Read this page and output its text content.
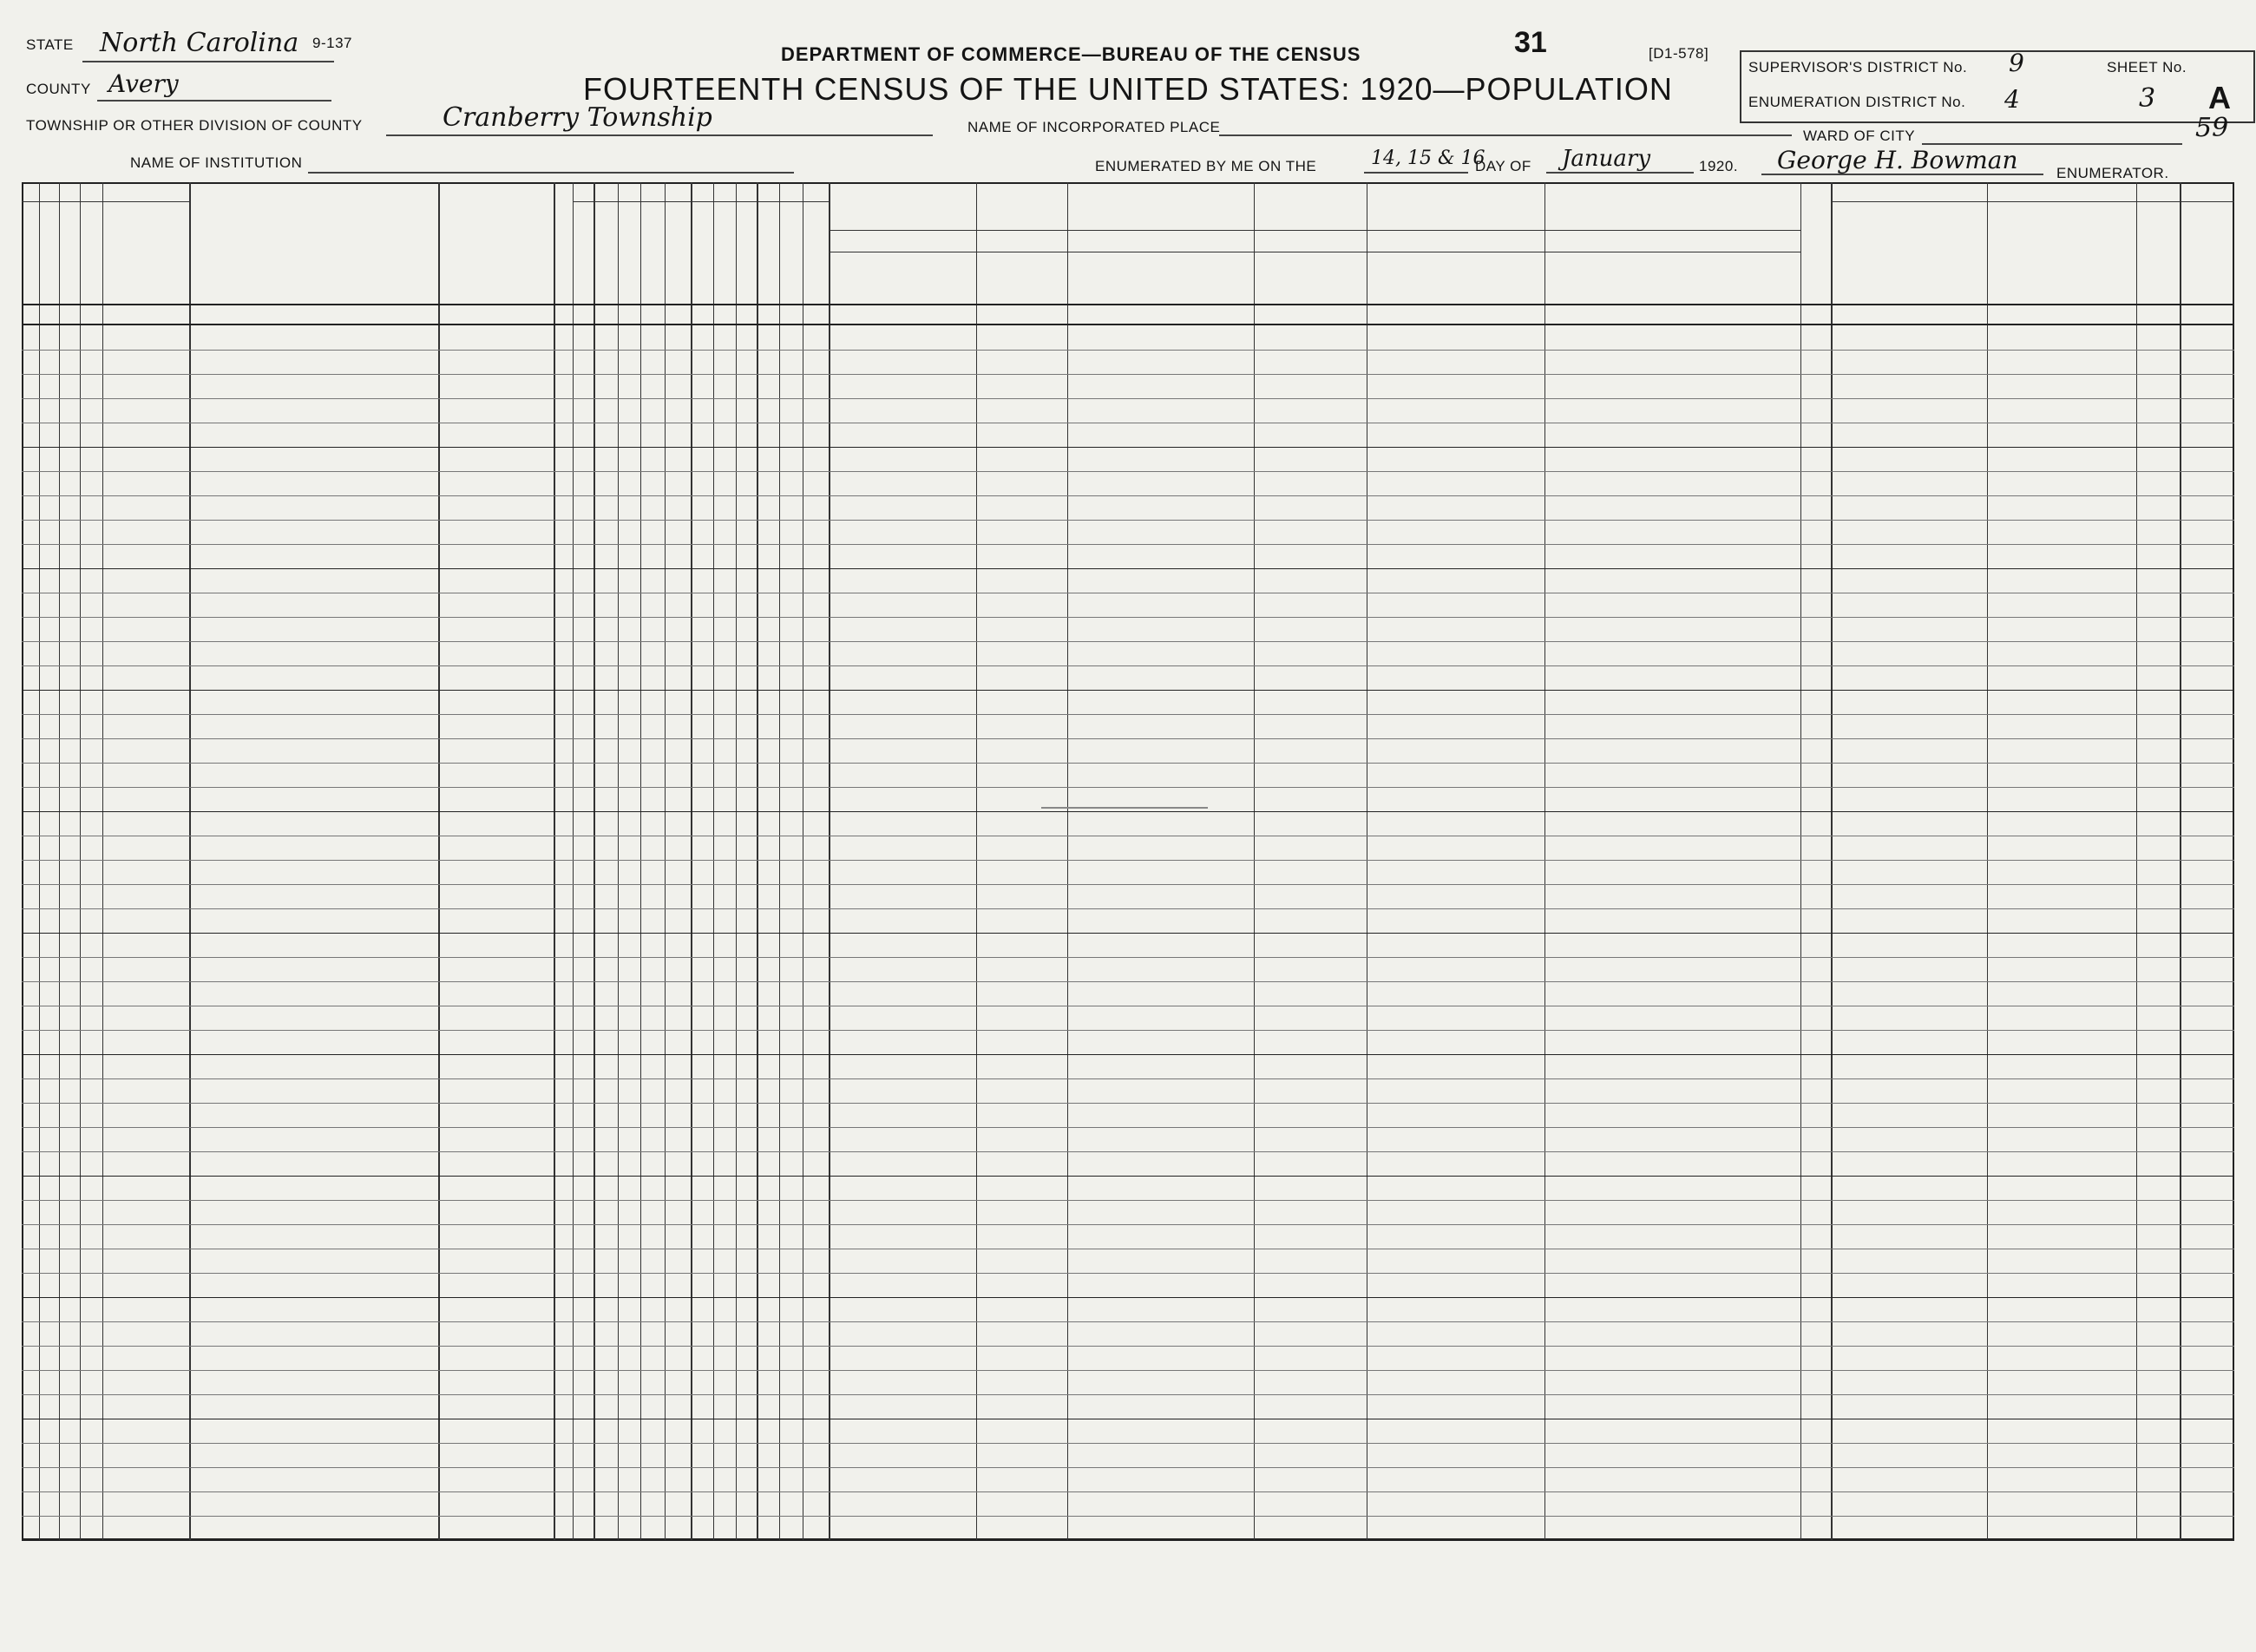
STATE North Carolina 9-137
COUNTY Avery
TOWNSHIP OR OTHER DIVISION OF COUNTY	Cranberry Township
NAME OF INSTITUTION
DEPARTMENT OF COMMERCE—BUREAU OF THE CENSUS	31	[D1-578]
FOURTEENTH CENSUS OF THE UNITED STATES: 1920—POPULATION
NAME OF INCORPORATED PLACE
WARD OF CITY
ENUMERATED BY ME ON THE	14, 15 & 16
DAY OF January	1920. George H. Bowman	ENUMERATOR.
SUPERVISOR'S DISTRICT No. 9
ENUMERATION DISTRICT No. 4
SHEET No.
3 A
59
